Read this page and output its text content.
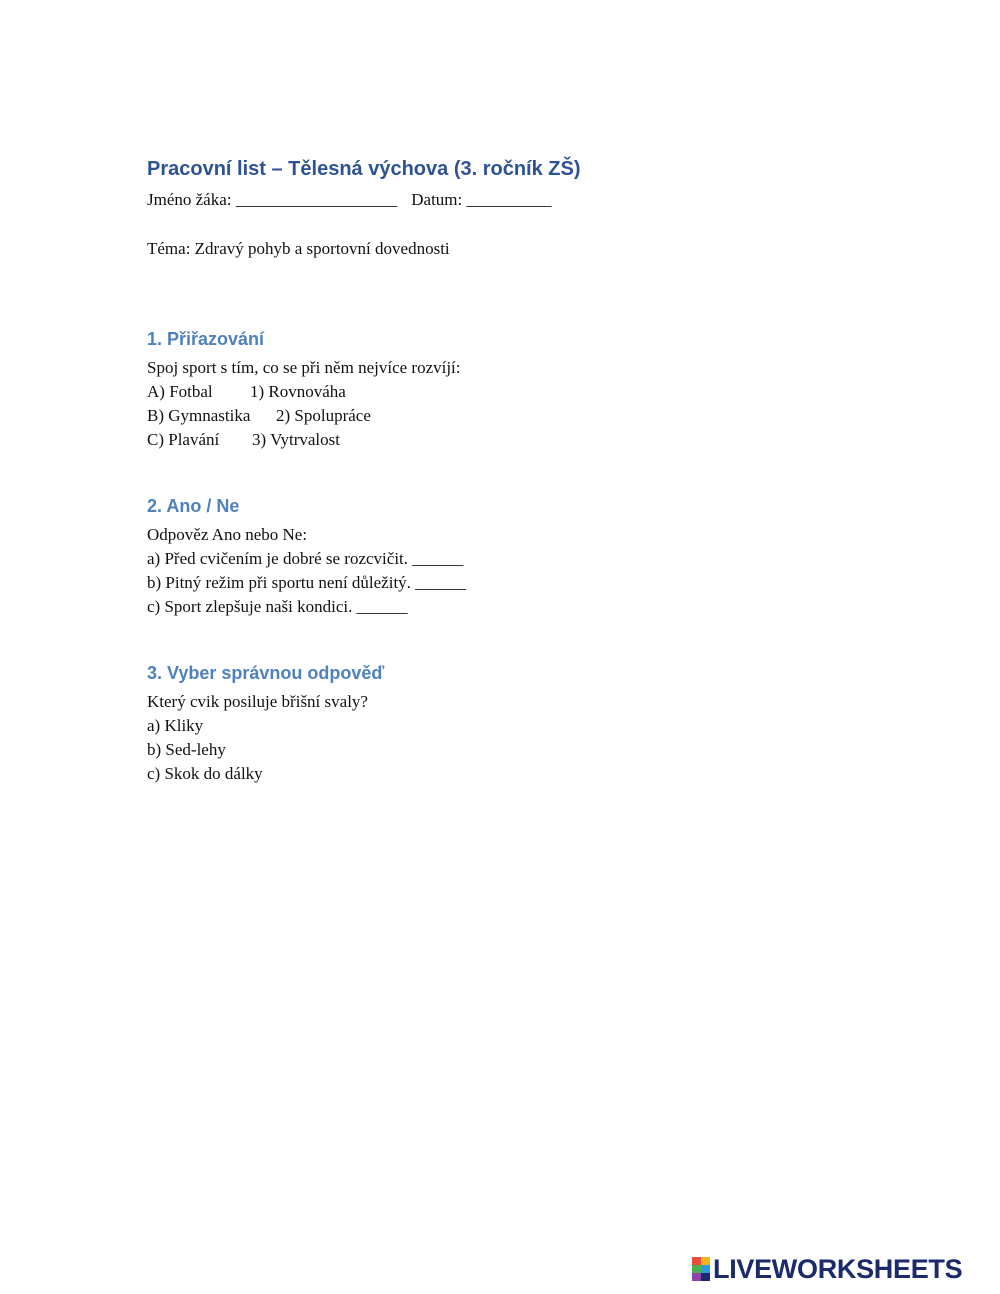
Pracovní list – Tělesná výchova (3. ročník ZŠ)

Jméno žáka: ___________________ Datum: __________

Téma: Zdravý pohyb a sportovní dovednosti

1. Přiřazování

Spoj sport s tím, co se při něm nejvíce rozvíjí:

A) Fotbal 1) Rovnováha
B) Gymnastika 2) Spolupráce
C) Plavání 3) Vytrvalost
2. Ano / Ne

Odpověz Ano nebo Ne:

a) Před cvičením je dobré se rozcvičit. ______

b) Pitný režim při sportu není důležitý. ______

c) Sport zlepšuje naši kondici. ______

3. Vyber správnou odpověď

Který cvik posiluje břišní svaly?

a) Kliky

b) Sed-lehy

c) Skok do dálky

LIVEWORKSHEETS
